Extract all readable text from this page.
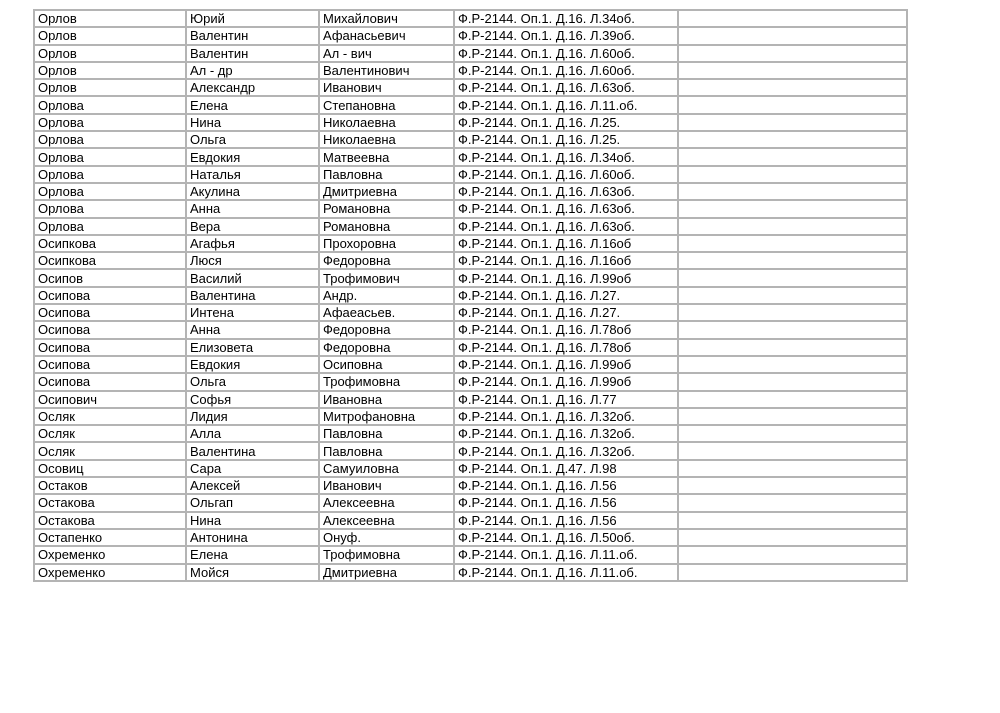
Орлов	Юрий	Михайлович	Ф.Р-2144. Оп.1. Д.16. Л.34об.	
Орлов	Валентин	Афанасьевич	Ф.Р-2144. Оп.1. Д.16. Л.39об.	
Орлов	Валентин	Ал - вич	Ф.Р-2144. Оп.1. Д.16. Л.60об.	
Орлов	Ал - др	Валентинович	Ф.Р-2144. Оп.1. Д.16. Л.60об.	
Орлов	Александр	Иванович	Ф.Р-2144. Оп.1. Д.16. Л.63об.	
Орлова	Елена	Степановна	Ф.Р-2144. Оп.1. Д.16. Л.11.об.	
Орлова	Нина	Николаевна	Ф.Р-2144. Оп.1. Д.16. Л.25.	
Орлова	Ольга	Николаевна	Ф.Р-2144. Оп.1. Д.16. Л.25.	
Орлова	Евдокия	Матвеевна	Ф.Р-2144. Оп.1. Д.16. Л.34об.	
Орлова	Наталья	Павловна	Ф.Р-2144. Оп.1. Д.16. Л.60об.	
Орлова	Акулина	Дмитриевна	Ф.Р-2144. Оп.1. Д.16. Л.63об.	
Орлова	Анна	Романовна	Ф.Р-2144. Оп.1. Д.16. Л.63об.	
Орлова	Вера	Романовна	Ф.Р-2144. Оп.1. Д.16. Л.63об.	
Осипкова	Агафья	Прохоровна	Ф.Р-2144. Оп.1. Д.16. Л.16об	
Осипкова	Люся	Федоровна	Ф.Р-2144. Оп.1. Д.16. Л.16об	
Осипов	Василий	Трофимович	Ф.Р-2144. Оп.1. Д.16. Л.99об	
Осипова	Валентина	Андр.	Ф.Р-2144. Оп.1. Д.16. Л.27.	
Осипова	Интена	Афаеасьев.	Ф.Р-2144. Оп.1. Д.16. Л.27.	
Осипова	Анна	Федоровна	Ф.Р-2144. Оп.1. Д.16. Л.78об	
Осипова	Елизовета	Федоровна	Ф.Р-2144. Оп.1. Д.16. Л.78об	
Осипова	Евдокия	Осиповна	Ф.Р-2144. Оп.1. Д.16. Л.99об	
Осипова	Ольга	Трофимовна	Ф.Р-2144. Оп.1. Д.16. Л.99об	
Осипович	Софья	Ивановна	Ф.Р-2144. Оп.1. Д.16. Л.77	
Осляк	Лидия	Митрофановна	Ф.Р-2144. Оп.1. Д.16. Л.32об.	
Осляк	Алла	Павловна	Ф.Р-2144. Оп.1. Д.16. Л.32об.	
Осляк	Валентина	Павловна	Ф.Р-2144. Оп.1. Д.16. Л.32об.	
Осовиц	Сара	Самуиловна	Ф.Р-2144. Оп.1. Д.47. Л.98	
Остаков	Алексей	Иванович	Ф.Р-2144. Оп.1. Д.16. Л.56	
Остакова	Ольгап	Алексеевна	Ф.Р-2144. Оп.1. Д.16. Л.56	
Остакова	Нина	Алексеевна	Ф.Р-2144. Оп.1. Д.16. Л.56	
Остапенко	Антонина	Онуф.	Ф.Р-2144. Оп.1. Д.16. Л.50об.	
Охременко	Елена	Трофимовна	Ф.Р-2144. Оп.1. Д.16. Л.11.об.	
Охременко	Мойся	Дмитриевна	Ф.Р-2144. Оп.1. Д.16. Л.11.об.	
